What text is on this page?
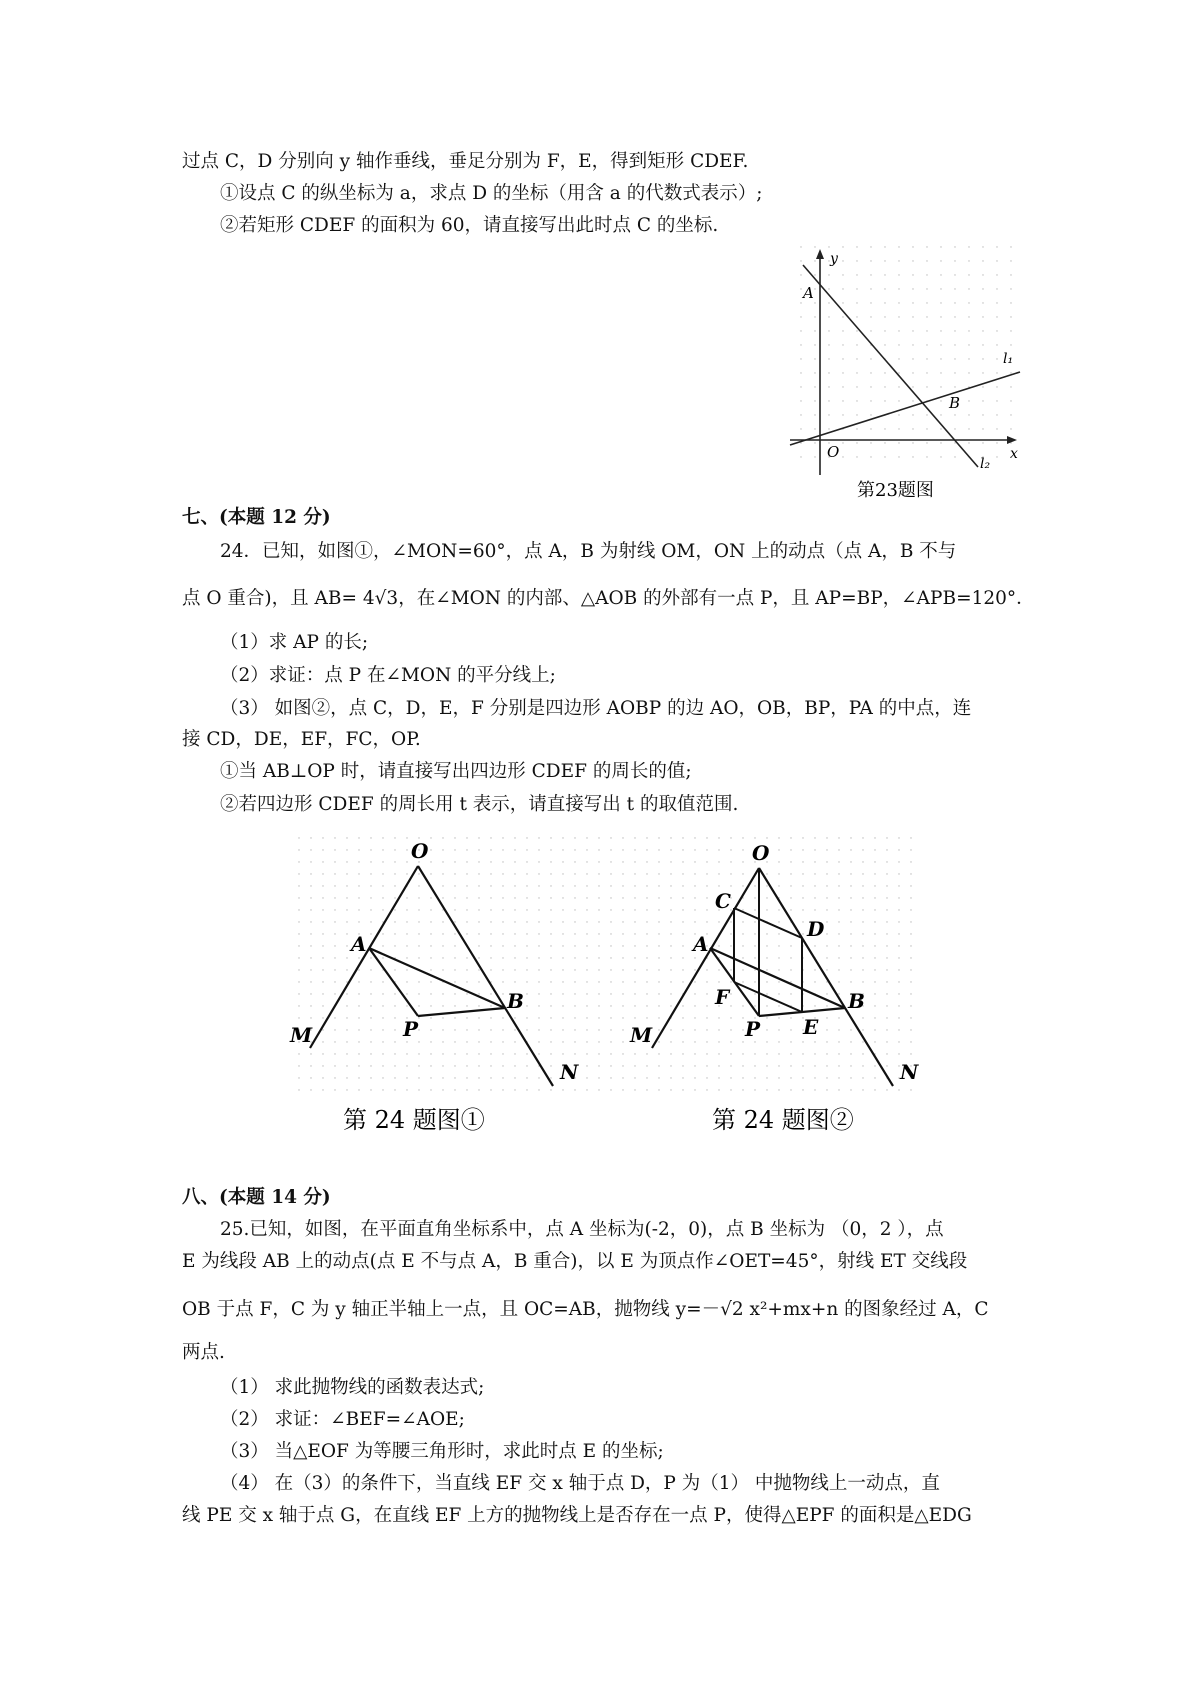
过点 C，D 分别向 y 轴作垂线，垂足分别为 F，E，得到矩形 CDEF.
①设点 C 的纵坐标为 a，求点 D 的坐标（用含 a 的代数式表示）;
②若矩形 CDEF 的面积为 60，请直接写出此时点 C 的坐标.
y
x
A
O
B
l₁
l₂
第23题图
七、(本题 12 分)
24．已知，如图①，∠MON=60°，点 A，B 为射线 OM，ON 上的动点（点 A，B 不与
点 O 重合)，且 AB= 4√3，在∠MON 的内部、△AOB 的外部有一点 P，且 AP=BP，∠APB=120°．
（1）求 AP 的长;
（2）求证：点 P 在∠MON 的平分线上;
（3） 如图②，点 C，D，E，F 分别是四边形 AOBP 的边 AO，OB，BP，PA 的中点，连
接 CD，DE，EF，FC，OP.
①当 AB⊥OP 时，请直接写出四边形 CDEF 的周长的值;
②若四边形 CDEF 的周长用 t 表示，请直接写出 t 的取值范围.
O
A
B
P
M
N
O
C
D
A
F	B
P E
M
N
第 24 题图①	第 24 题图②
八、(本题 14 分)
25.已知，如图，在平面直角坐标系中，点 A 坐标为(-2，0)，点 B 坐标为 （0，2 ），点
E 为线段 AB 上的动点(点 E 不与点 A，B 重合)，以 E 为顶点作∠OET=45°，射线 ET 交线段
OB 于点 F，C 为 y 轴正半轴上一点，且 OC=AB，抛物线 y=－√2 x²+mx+n 的图象经过 A，C
两点.
（1） 求此抛物线的函数表达式;
（2） 求证：∠BEF=∠AOE;
（3） 当△EOF 为等腰三角形时，求此时点 E 的坐标;
（4） 在（3）的条件下，当直线 EF 交 x 轴于点 D，P 为（1） 中抛物线上一动点，直
线 PE 交 x 轴于点 G，在直线 EF 上方的抛物线上是否存在一点 P，使得△EPF 的面积是△EDG
